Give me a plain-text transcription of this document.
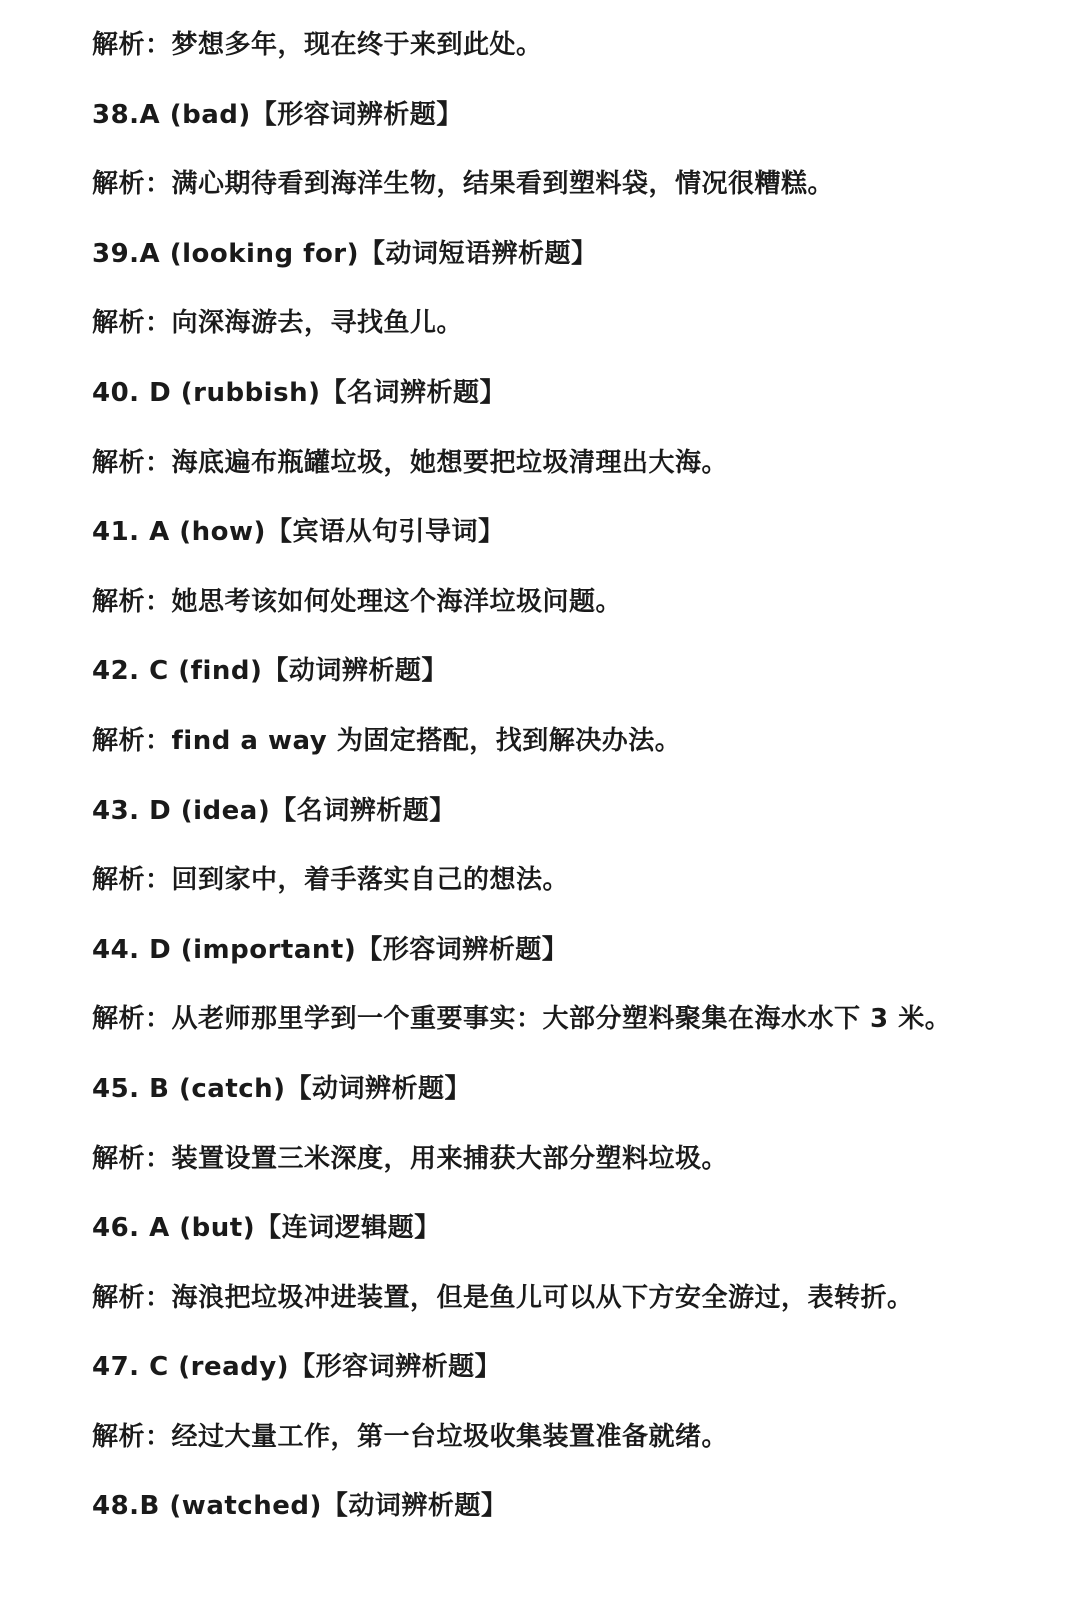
解析：梦想多年，现在终于来到此处。
38.A (bad)【形容词辨析题】
解析：满心期待看到海洋生物，结果看到塑料袋，情况很糟糕。
39.A (looking for)【动词短语辨析题】
解析：向深海游去，寻找鱼儿。
40. D (rubbish)【名词辨析题】
解析：海底遍布瓶罐垃圾，她想要把垃圾清理出大海。
41. A (how)【宾语从句引导词】
解析：她思考该如何处理这个海洋垃圾问题。
42. C (find)【动词辨析题】
解析：find a way 为固定搭配，找到解决办法。
43. D (idea)【名词辨析题】
解析：回到家中，着手落实自己的想法。
44. D (important)【形容词辨析题】
解析：从老师那里学到一个重要事实：大部分塑料聚集在海水水下 3 米。
45. B (catch)【动词辨析题】
解析：装置设置三米深度，用来捕获大部分塑料垃圾。
46. A (but)【连词逻辑题】
解析：海浪把垃圾冲进装置，但是鱼儿可以从下方安全游过，表转折。
47. C (ready)【形容词辨析题】
解析：经过大量工作，第一台垃圾收集装置准备就绪。
48.B (watched)【动词辨析题】
